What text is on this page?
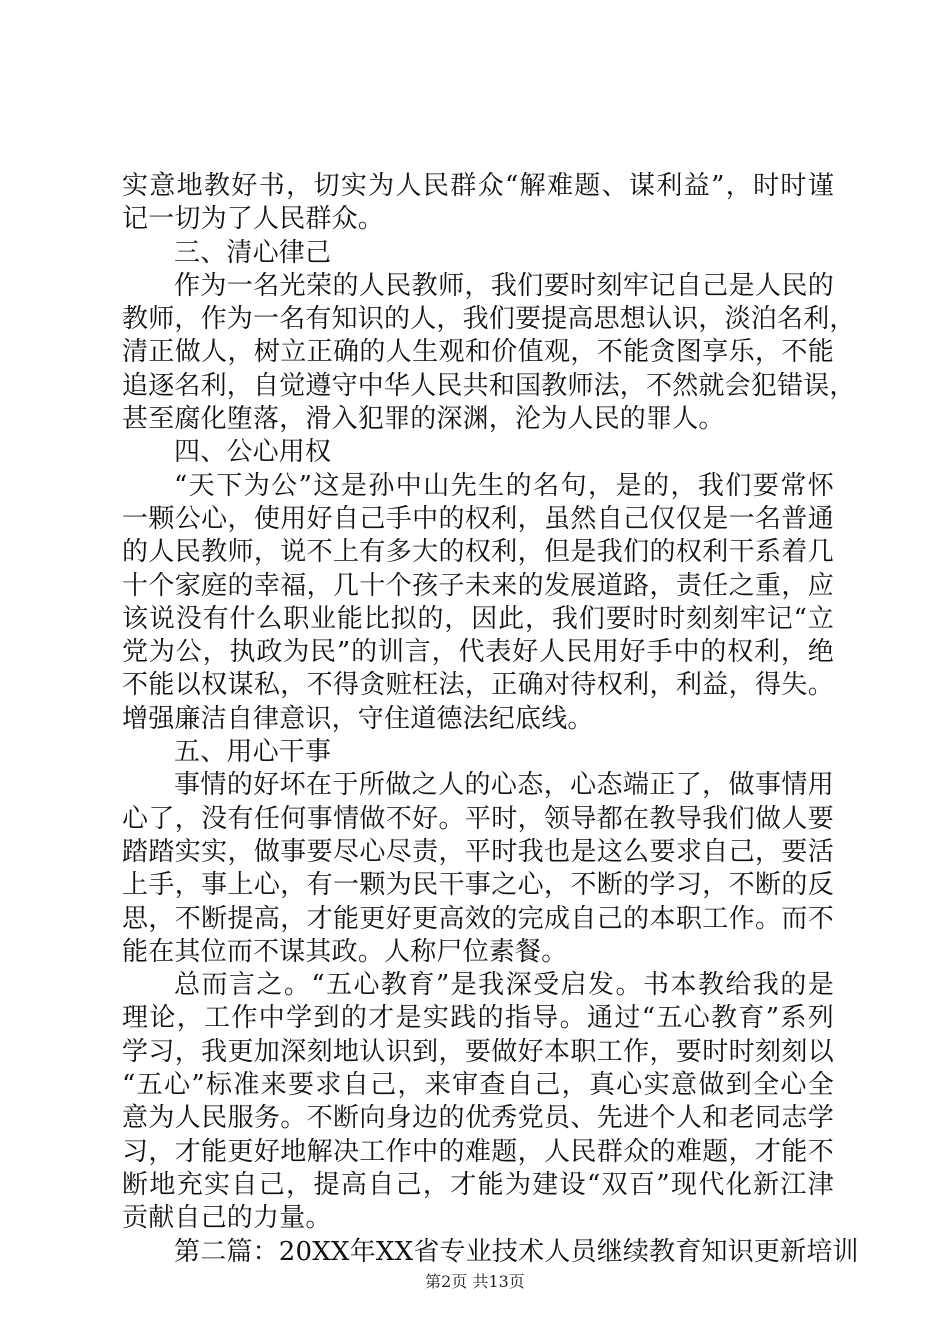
实意地教好书，切实为人民群众“解难题、谋利益”，时时谨
记一切为了人民群众。
三、清心律己
作为一名光荣的人民教师，我们要时刻牢记自己是人民的
教师，作为一名有知识的人，我们要提高思想认识，淡泊名利，
清正做人，树立正确的人生观和价值观，不能贪图享乐，不能
追逐名利，自觉遵守中华人民共和国教师法，不然就会犯错误，
甚至腐化堕落，滑入犯罪的深渊，沦为人民的罪人。
四、公心用权
“天下为公”这是孙中山先生的名句，是的，我们要常怀
一颗公心，使用好自己手中的权利，虽然自己仅仅是一名普通
的人民教师，说不上有多大的权利，但是我们的权利干系着几
十个家庭的幸福，几十个孩子未来的发展道路，责任之重，应
该说没有什么职业能比拟的，因此，我们要时时刻刻牢记“立
党为公，执政为民”的训言，代表好人民用好手中的权利，绝
不能以权谋私，不得贪赃枉法，正确对待权利，利益，得失。
增强廉洁自律意识，守住道德法纪底线。
五、用心干事
事情的好坏在于所做之人的心态，心态端正了，做事情用
心了，没有任何事情做不好。平时，领导都在教导我们做人要
踏踏实实，做事要尽心尽责，平时我也是这么要求自己，要活
上手，事上心，有一颗为民干事之心，不断的学习，不断的反
思，不断提高，才能更好更高效的完成自己的本职工作。而不
能在其位而不谋其政。人称尸位素餐。
总而言之。“五心教育”是我深受启发。书本教给我的是
理论，工作中学到的才是实践的指导。通过“五心教育”系列
学习，我更加深刻地认识到，要做好本职工作，要时时刻刻以
“五心”标准来要求自己，来审查自己，真心实意做到全心全
意为人民服务。不断向身边的优秀党员、先进个人和老同志学
习，才能更好地解决工作中的难题，人民群众的难题，才能不
断地充实自己，提高自己，才能为建设“双百”现代化新江津
贡献自己的力量。
第二篇：20XX年XX省专业技术人员继续教育知识更新培训
第2页 共13页
